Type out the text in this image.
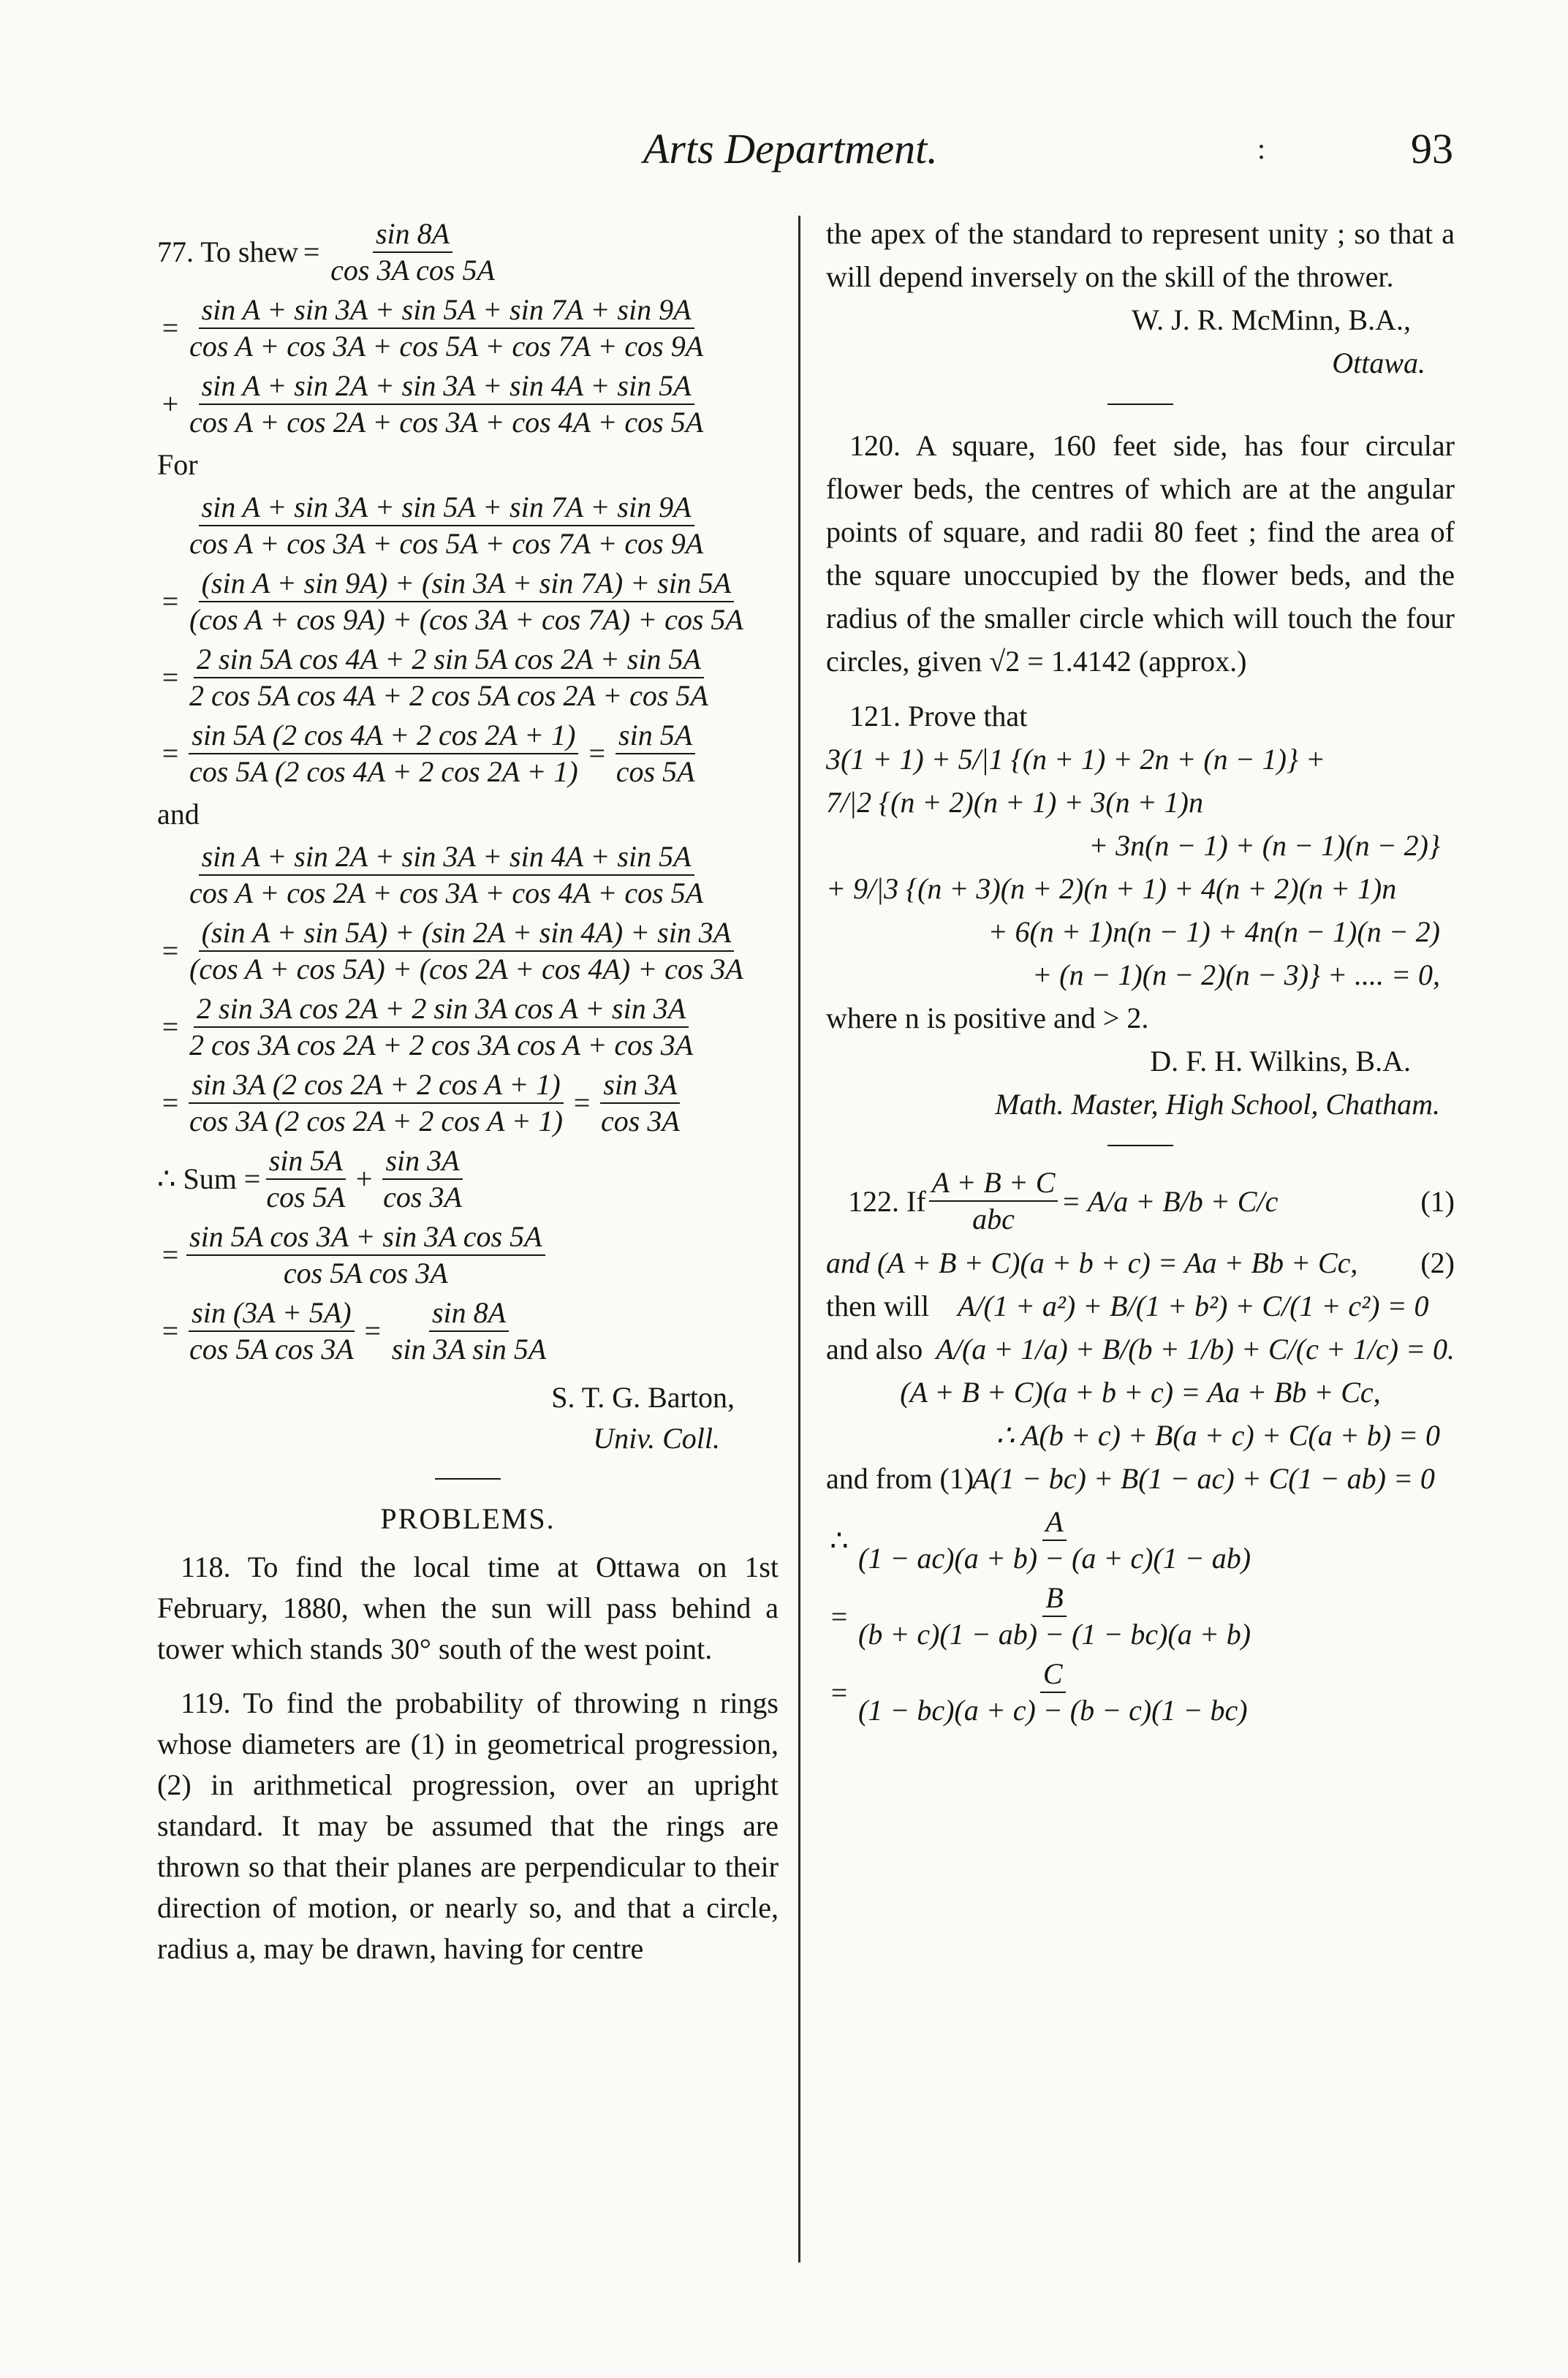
Arts Department.	:	93
77. To shew = $\frac{\sin 8A}{\text{cos 3A cos 5A}}$
= $\frac{\text{sin A + sin 3A + sin 5A + sin 7A + sin 9A}}{\text{cos A + cos 3A + cos 5A + cos 7A + cos 9A}}$
+ $\frac{\text{sin A + sin 2A + sin 3A + sin 4A + sin 5A}}{\text{cos A + cos 2A + cos 3A + cos 4A + cos 5A}}$
For
$\frac{\text{sin A + sin 3A + sin 5A + sin 7A + sin 9A}}{\text{cos A + cos 3A + cos 5A + cos 7A + cos 9A}}$
= $\frac{\text{(sin A + sin 9A) + (sin 3A + sin 7A) + sin 5A}}{\text{(cos A + cos 9A) + (cos 3A + cos 7A) + cos 5A}}$
= $\frac{\text{2 sin 5A cos 4A + 2 sin 5A cos 2A + sin 5A}}{\text{2 cos 5A cos 4A + 2 cos 5A cos 2A + cos 5A}}$
= $\frac{\sin 5A (2 \cos 4A + 2 \cos 2A + 1)}{\cos 5A (2 \cos 4A + 2 \cos 2A + 1)} = \frac{\sin 5A}{\cos 5A}$
and
$\frac{\text{sin A + sin 2A + sin 3A + sin 4A + sin 5A}}{\text{cos A + cos 2A + cos 3A + cos 4A + cos 5A}}$
= $\frac{\text{(sin A + sin 5A) + (sin 2A + sin 4A) + sin 3A}}{\text{(cos A + cos 5A) + (cos 2A + cos 4A) + cos 3A}}$
= $\frac{\text{2 sin 3A cos 2A + 2 sin 3A cos A + sin 3A}}{\text{2 cos 3A cos 2A + 2 cos 3A cos A + cos 3A}}$
= $\frac{\text{sin 3A (2 cos 2A + 2 cos A + 1)}}{\text{cos 3A (2 cos 2A + 2 cos A + 1)}} = \frac{\sin 3A}{\cos 3A}$
∴ Sum = $\frac{\sin 5A}{\cos 5A} + \frac{\sin 3A}{\cos 3A}$
= $\frac{\text{sin 5A cos 3A + sin 3A cos 5A}}{\text{cos 5A cos 3A}}$
= $\frac{\sin (3A + 5A)}{\text{cos 5A cos 3A}} = \frac{\sin 8A}{\text{sin 3A sin 5A}}$
S. T. G. Barton,
Univ. Coll.
PROBLEMS.

118. To find the local time at Ottawa on 1st February, 1880, when the sun will pass behind a tower which stands 30° south of the west point.

119. To find the probability of throwing n rings whose diameters are (1) in geometrical progression, (2) in arithmetical progression, over an upright standard. It may be assumed that the rings are thrown so that their planes are perpendicular to their direction of motion, or nearly so, and that a circle, radius a, may be drawn, having for centre

the apex of the standard to represent unity ; so that a will depend inversely on the skill of the thrower.

W. J. R. McMinn, B.A.,
Ottawa.

120. A square, 160 feet side, has four circular flower beds, the centres of which are at the angular points of square, and radii 80 feet ; find the area of the square unoccupied by the flower beds, and the radius of the smaller circle which will touch the four circles, given √2 = 1.4142 (approx.)

121. Prove that
3(1 + 1) + 5/|1 {(n + 1) + 2n + (n − 1)} +
7/|2 {(n + 2)(n + 1) + 3(n + 1)n
+ 3n(n − 1) + (n − 1)(n − 2)}
+ 9/|3 {(n + 3)(n + 2)(n + 1) + 4(n + 2)(n + 1)n
+ 6(n + 1)n(n − 1) + 4n(n − 1)(n − 2)
+ (n − 1)(n − 2)(n − 3)} + .... = 0,
where n is positive and > 2.
D. F. H. Wilkins, B.A.
Math. Master, High School, Chatham.
122. If $\frac{A + B + C}{\text{abc}} = A/a + B/b + C/c$	(1)
and (A + B + C)(a + b + c) = Aa + Bb + Cc, (2)
then will A/(1 + a²) + B/(1 + b²) + C/(1 + c²) = 0
and also A/(a + 1/a) + B/(b + 1/b) + C/(c + 1/c) = 0.
(A + B + C)(a + b + c) = Aa + Bb + Cc,
∴ A(b + c) + B(a + c) + C(a + b) = 0
and from (1)
A(1 − bc) + B(1 − ac) + C(1 − ab) = 0
∴ $\frac{A}{(1 - ac)(a + b) - (a + c)(1 - ab)}$
= $\frac{B}{(b + c)(1 - ab) - (1 - bc)(a + b)}$
= $\frac{C}{(1 - bc)(a + c) - (b - c)(1 - bc)}$
